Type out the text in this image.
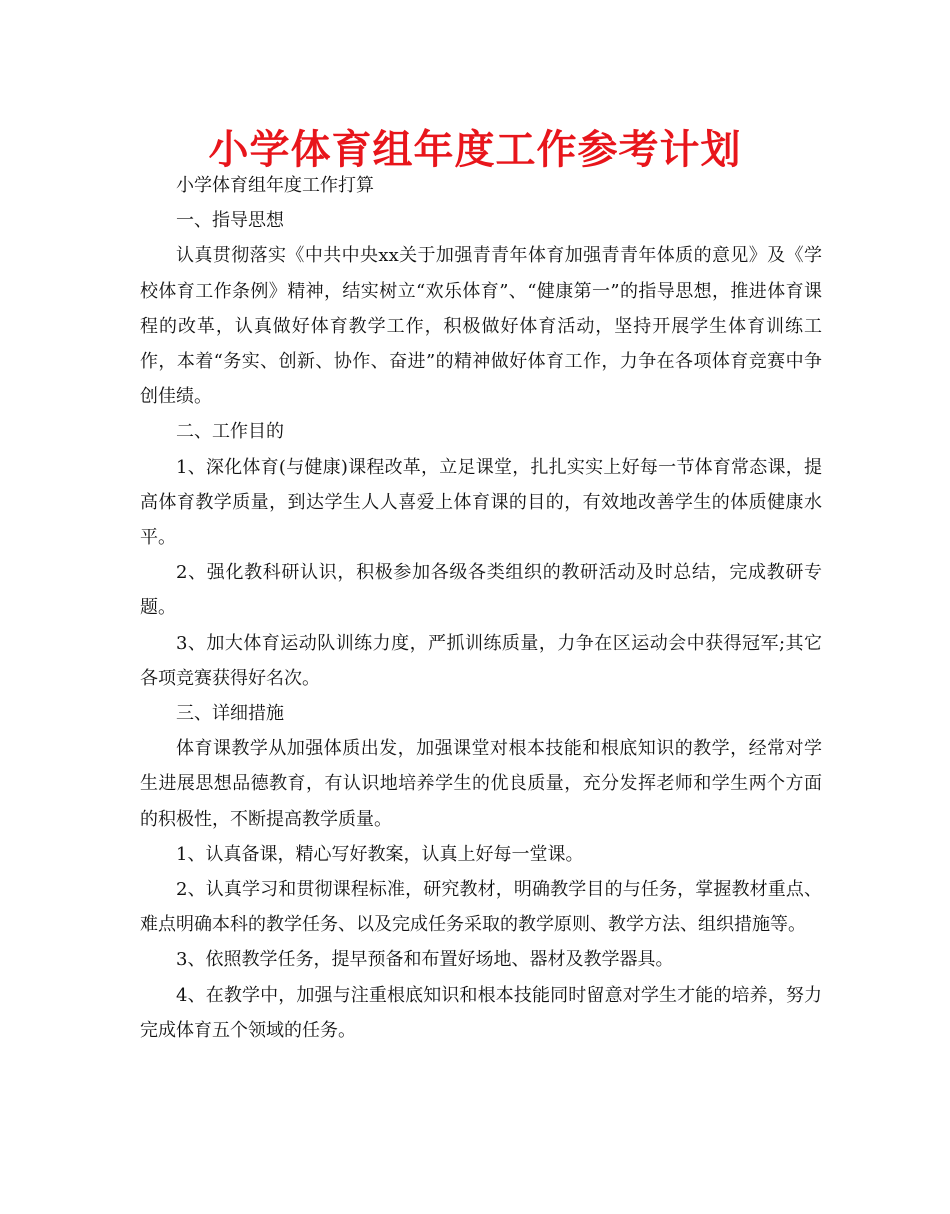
小学体育组年度工作参考计划

小学体育组年度工作打算

一、指导思想

认真贯彻落实《中共中央xx关于加强青青年体育加强青青年体质的意见》及《学校体育工作条例》精神，结实树立“欢乐体育”、“健康第一”的指导思想，推进体育课程的改革，认真做好体育教学工作，积极做好体育活动，坚持开展学生体育训练工作，本着“务实、创新、协作、奋进”的精神做好体育工作，力争在各项体育竞赛中争创佳绩。

二、工作目的

1、深化体育(与健康)课程改革，立足课堂，扎扎实实上好每一节体育常态课，提高体育教学质量，到达学生人人喜爱上体育课的目的，有效地改善学生的体质健康水平。

2、强化教科研认识，积极参加各级各类组织的教研活动及时总结，完成教研专题。

3、加大体育运动队训练力度，严抓训练质量，力争在区运动会中获得冠军;其它各项竞赛获得好名次。

三、详细措施

体育课教学从加强体质出发，加强课堂对根本技能和根底知识的教学，经常对学生进展思想品德教育，有认识地培养学生的优良质量，充分发挥老师和学生两个方面的积极性，不断提高教学质量。

1、认真备课，精心写好教案，认真上好每一堂课。

2、认真学习和贯彻课程标准，研究教材，明确教学目的与任务，掌握教材重点、难点明确本科的教学任务、以及完成任务采取的教学原则、教学方法、组织措施等。

3、依照教学任务，提早预备和布置好场地、器材及教学器具。

4、在教学中，加强与注重根底知识和根本技能同时留意对学生才能的培养，努力完成体育五个领域的任务。
